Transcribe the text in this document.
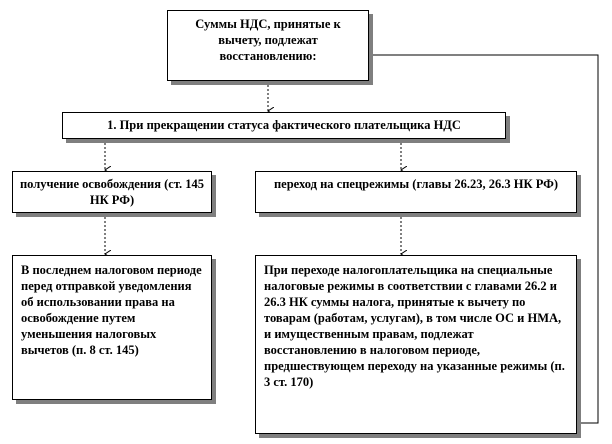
Суммы НДС, принятые к вычету, подлежат восстановлению:
1. При прекращении статуса фактического плательщика НДС
получение освобождения (ст. 145 НК РФ)
переход на спецрежимы (главы 26.23, 26.3 НК РФ)
В последнем налоговом периоде перед отправкой уведомления об использовании права на освобождение путем уменьшения налоговых вычетов (п. 8 ст. 145)
При переходе налогоплательщика на специальные налоговые режимы в соответствии с главами 26.2 и 26.3 НК суммы налога, принятые к вычету по товарам (работам, услугам), в том числе ОС и НМА, и имущественным правам, подлежат восстановлению в налоговом периоде, предшествующем переходу на указанные режимы (п. 3 ст. 170)
